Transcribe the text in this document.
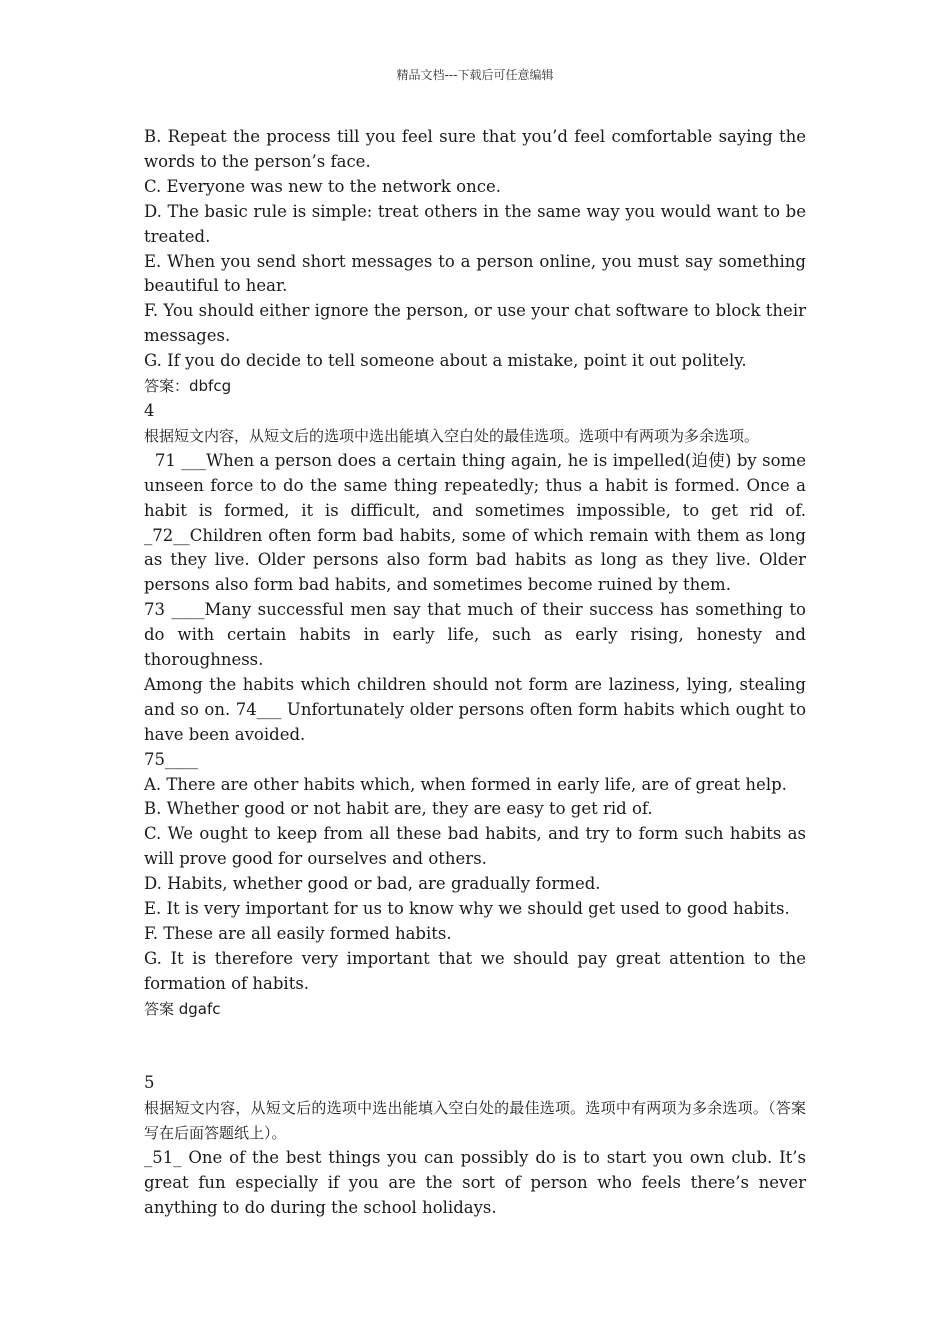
精品文档---下载后可任意编辑

B. Repeat the process till you feel sure that you’d feel comfortable saying the words to the person’s face.

C. Everyone was new to the network once.

D. The basic rule is simple: treat others in the same way you would want to be treated.

E. When you send short messages to a person online, you must say something beautiful to hear.

F. You should either ignore the person, or use your chat software to block their messages.

G. If you do decide to tell someone about a mistake, point it out politely.

答案：dbfcg

4

根据短文内容，从短文后的选项中选出能填入空白处的最佳选项。选项中有两项为多余选项。

71 ___When a person does a certain thing again, he is impelled(迫使) by some unseen force to do the same thing repeatedly; thus a habit is formed. Once a habit is formed, it is difficult, and sometimes impossible, to get rid of. _72__Children often form bad habits, some of which remain with them as long as they live. Older persons also form bad habits as long as they live. Older persons also form bad habits, and sometimes become ruined by them.

73 ____Many successful men say that much of their success has something to do with certain habits in early life, such as early rising, honesty and thoroughness.

Among the habits which children should not form are laziness, lying, stealing and so on. 74___ Unfortunately older persons often form habits which ought to have been avoided.

75____

A. There are other habits which, when formed in early life, are of great help.

B. Whether good or not habit are, they are easy to get rid of.

C. We ought to keep from all these bad habits, and try to form such habits as will prove good for ourselves and others.

D. Habits, whether good or bad, are gradually formed.

E. It is very important for us to know why we should get used to good habits.

F. These are all easily formed habits.

G. It is therefore very important that we should pay great attention to the formation of habits.

答案 dgafc

5

根据短文内容，从短文后的选项中选出能填入空白处的最佳选项。选项中有两项为多余选项。（答案写在后面答题纸上）。

_51_ One of the best things you can possibly do is to start you own club. It’s great fun especially if you are the sort of person who feels there’s never anything to do during the school holidays.
